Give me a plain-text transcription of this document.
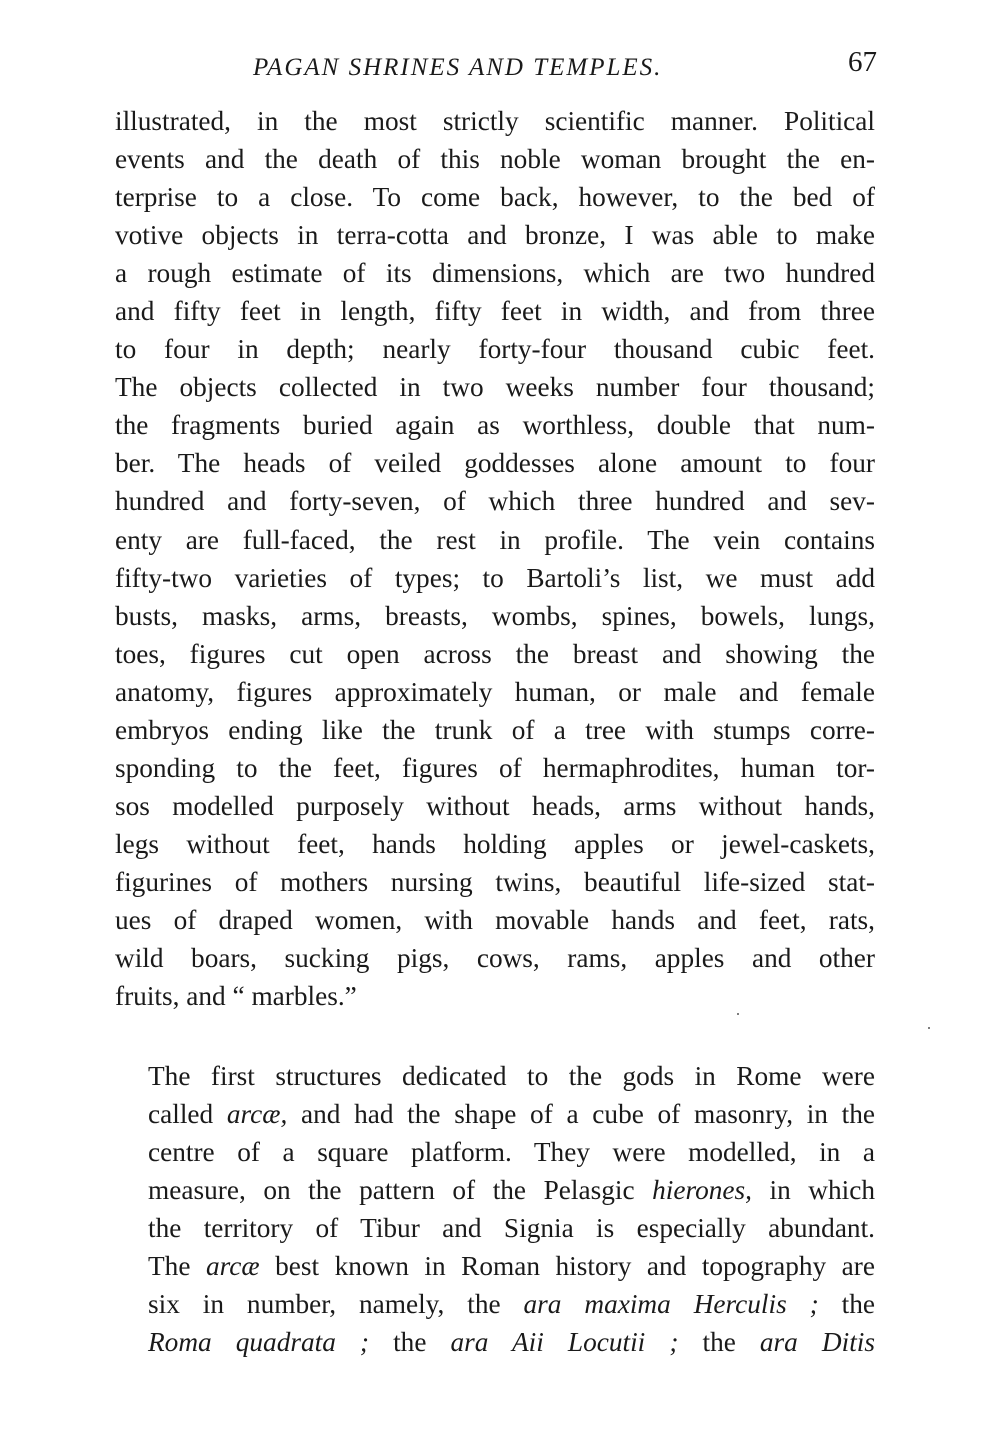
PAGAN SHRINES AND TEMPLES.	67
illustrated, in the most strictly scientific manner. Political
events and the death of this noble woman brought the en-
terprise to a close. To come back, however, to the bed of
votive objects in terra-cotta and bronze, I was able to make
a rough estimate of its dimensions, which are two hundred
and fifty feet in length, fifty feet in width, and from three
to four in depth; nearly forty-four thousand cubic feet.
The objects collected in two weeks number four thousand;
the fragments buried again as worthless, double that num-
ber. The heads of veiled goddesses alone amount to four
hundred and forty-seven, of which three hundred and sev-
enty are full-faced, the rest in profile. The vein contains
fifty-two varieties of types; to Bartoli’s list, we must add
busts, masks, arms, breasts, wombs, spines, bowels, lungs,
toes, figures cut open across the breast and showing the
anatomy, figures approximately human, or male and female
embryos ending like the trunk of a tree with stumps corre-
sponding to the feet, figures of hermaphrodites, human tor-
sos modelled purposely without heads, arms without hands,
legs without feet, hands holding apples or jewel-caskets,
figurines of mothers nursing twins, beautiful life-sized stat-
ues of draped women, with movable hands and feet, rats,
wild boars, sucking pigs, cows, rams, apples and other
fruits, and “ marbles.”
The first structures dedicated to the gods in Rome were
called arcæ, and had the shape of a cube of masonry, in the
centre of a square platform. They were modelled, in a
measure, on the pattern of the Pelasgic hierones, in which
the territory of Tibur and Signia is especially abundant.
The arcæ best known in Roman history and topography are
six in number, namely, the ara maxima Herculis ; the
Roma quadrata ; the ara Aii Locutii ; the ara Ditis
